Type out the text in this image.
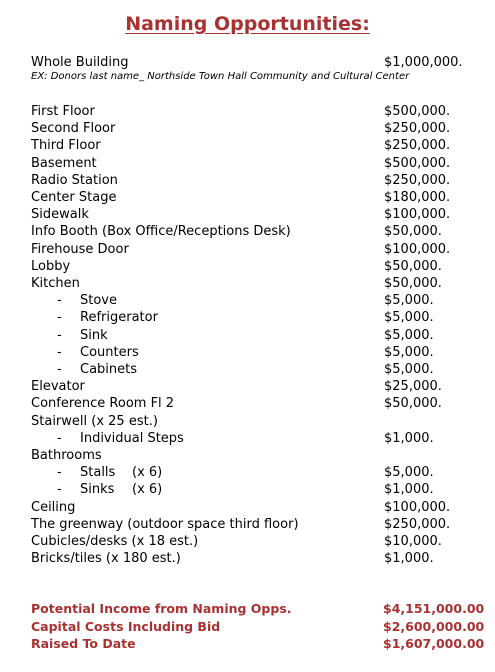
Naming Opportunities:
Whole Building	$1,000,000.
EX: Donors last name_ Northside Town Hall Community and Cultural Center
First Floor	$500,000.
Second Floor	$250,000.
Third Floor	$250,000.
Basement	$500,000.
Radio Station	$250,000.
Center Stage	$180,000.
Sidewalk	$100,000.
Info Booth (Box Office/Receptions Desk)	$50,000.
Firehouse Door	$100,000.
Lobby	$50,000.
Kitchen	$50,000.
- Stove	$5,000.
- Refrigerator	$5,000.
- Sink	$5,000.
- Counters	$5,000.
- Cabinets	$5,000.
Elevator	$25,000.
Conference Room Fl 2	$50,000.
Stairwell (x 25 est.)
- Individual Steps	$1,000.
Bathrooms
- Stalls (x 6)	$5,000.
- Sinks (x 6)	$1,000.
Ceiling	$100,000.
The greenway (outdoor space third floor)	$250,000.
Cubicles/desks (x 18 est.)	$10,000.
Bricks/tiles (x 180 est.)	$1,000.
Potential Income from Naming Opps.	$4,151,000.00
Capital Costs Including Bid	$2,600,000.00
Raised To Date	$1,607,000.00
